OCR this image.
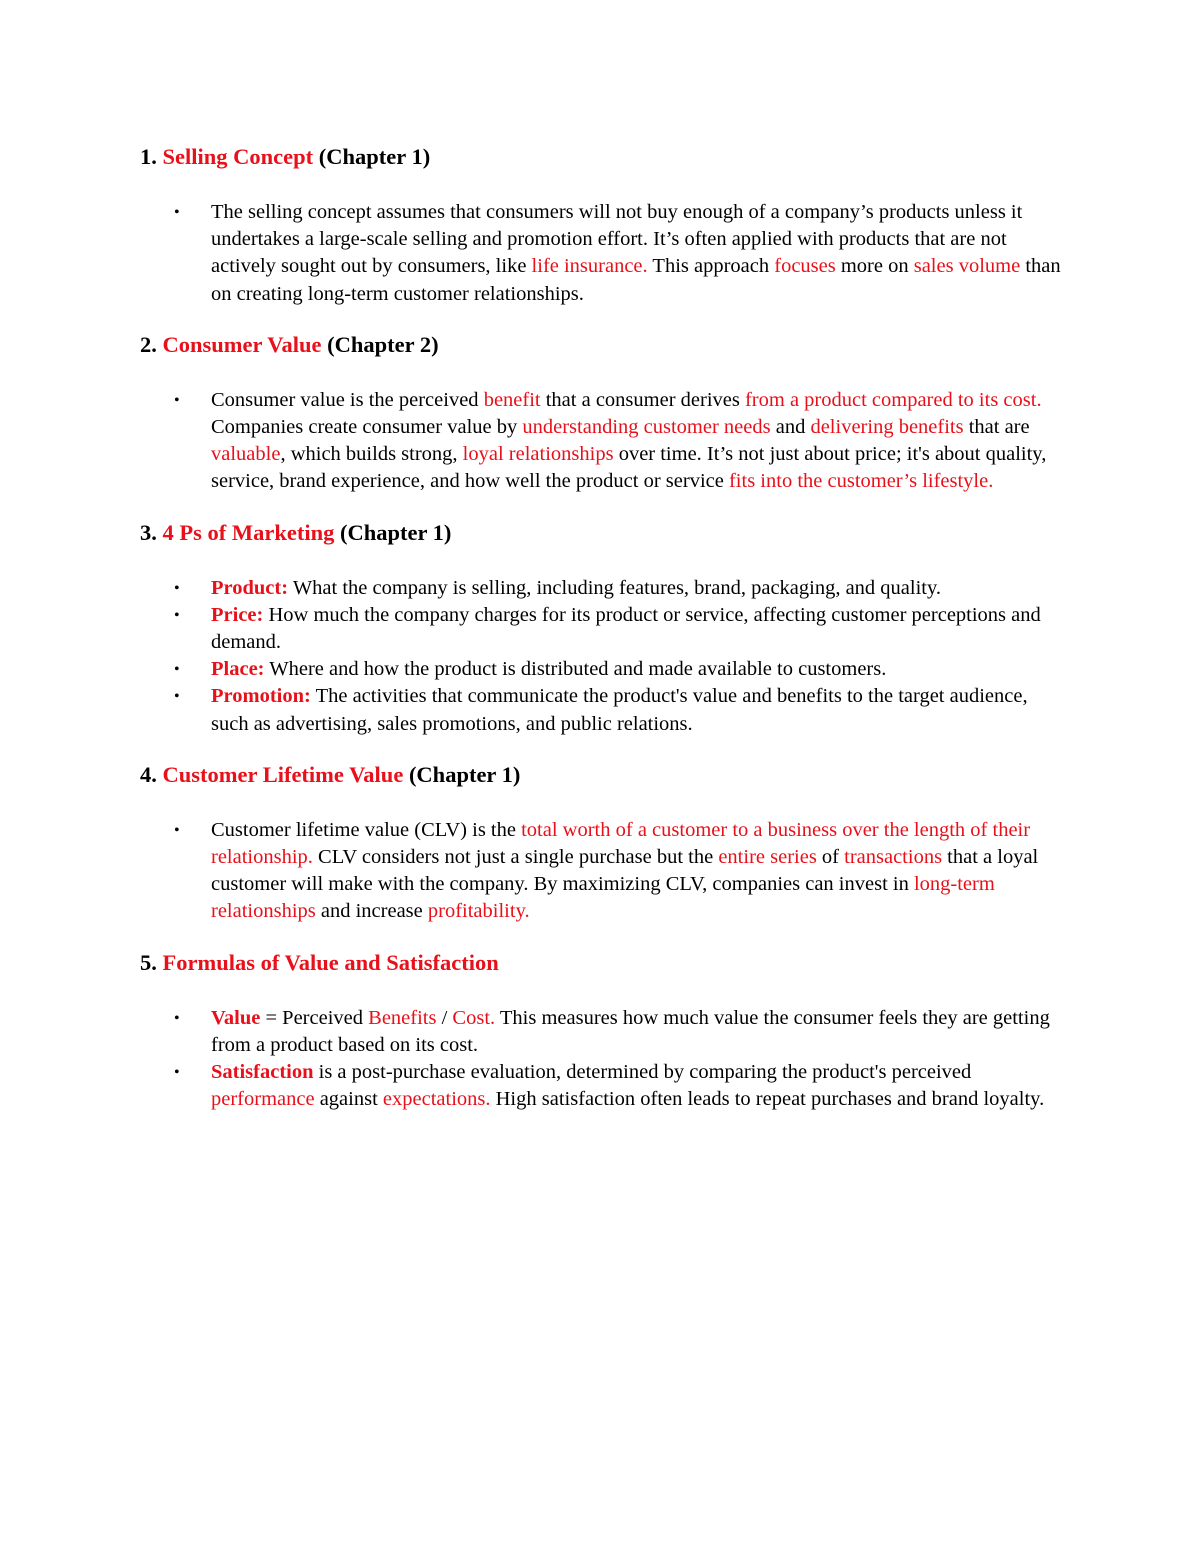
1. Selling Concept (Chapter 1)

• The selling concept assumes that consumers will not buy enough of a company’s products unless it undertakes a large-scale selling and promotion effort. It’s often applied with products that are not actively sought out by consumers, like life insurance. This approach focuses more on sales volume than on creating long-term customer relationships.

2. Consumer Value (Chapter 2)

• Consumer value is the perceived benefit that a consumer derives from a product compared to its cost. Companies create consumer value by understanding customer needs and delivering benefits that are valuable, which builds strong, loyal relationships over time. It’s not just about price; it's about quality, service, brand experience, and how well the product or service fits into the customer’s lifestyle.

3. 4 Ps of Marketing (Chapter 1)

• Product: What the company is selling, including features, brand, packaging, and quality.
• Price: How much the company charges for its product or service, affecting customer perceptions and demand.
• Place: Where and how the product is distributed and made available to customers.
• Promotion: The activities that communicate the product's value and benefits to the target audience, such as advertising, sales promotions, and public relations.

4. Customer Lifetime Value (Chapter 1)

• Customer lifetime value (CLV) is the total worth of a customer to a business over the length of their relationship. CLV considers not just a single purchase but the entire series of transactions that a loyal customer will make with the company. By maximizing CLV, companies can invest in long-term relationships and increase profitability.

5. Formulas of Value and Satisfaction

• Value = Perceived Benefits / Cost. This measures how much value the consumer feels they are getting from a product based on its cost.
• Satisfaction is a post-purchase evaluation, determined by comparing the product's perceived performance against expectations. High satisfaction often leads to repeat purchases and brand loyalty.
